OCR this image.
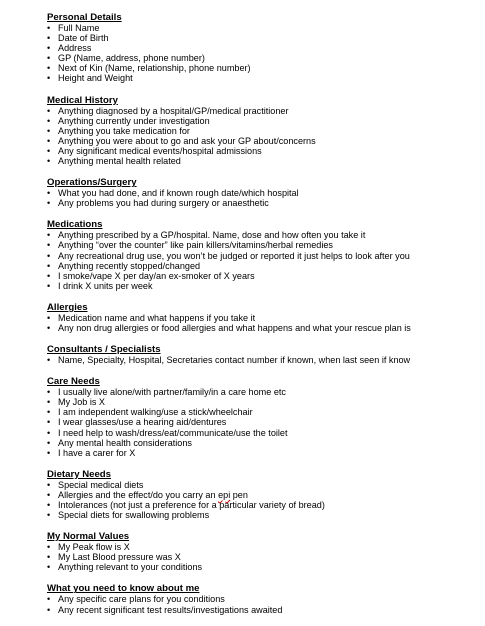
Personal Details
• Full Name
• Date of Birth
• Address
• GP (Name, address, phone number)
• Next of Kin (Name, relationship, phone number)
• Height and Weight
Medical History
• Anything diagnosed by a hospital/GP/medical practitioner
• Anything currently under investigation
• Anything you take medication for
• Anything you were about to go and ask your GP about/concerns
• Any significant medical events/hospital admissions
• Anything mental health related
Operations/Surgery
• What you had done, and if known rough date/which hospital
• Any problems you had during surgery or anaesthetic
Medications
• Anything prescribed by a GP/hospital. Name, dose and how often you take it
• Anything “over the counter” like pain killers/vitamins/herbal remedies
• Any recreational drug use, you won’t be judged or reported it just helps to look after you
• Anything recently stopped/changed
• I smoke/vape X per day/an ex-smoker of X years
• I drink X units per week
Allergies
• Medication name and what happens if you take it
• Any non drug allergies or food allergies and what happens and what your rescue plan is
Consultants / Specialists
• Name, Specialty, Hospital, Secretaries contact number if known, when last seen if know
Care Needs
• I usually live alone/with partner/family/in a care home etc
• My Job is X
• I am independent walking/use a stick/wheelchair
• I wear glasses/use a hearing aid/dentures
• I need help to wash/dress/eat/communicate/use the toilet
• Any mental health considerations
• I have a carer for X
Dietary Needs
• Special medical diets
• Allergies and the effect/do you carry an epi pen
• Intolerances (not just a preference for a particular variety of bread)
• Special diets for swallowing problems
My Normal Values
• My Peak flow is X
• My Last Blood pressure was X
• Anything relevant to your conditions
What you need to know about me
• Any specific care plans for you conditions
• Any recent significant test results/investigations awaited
